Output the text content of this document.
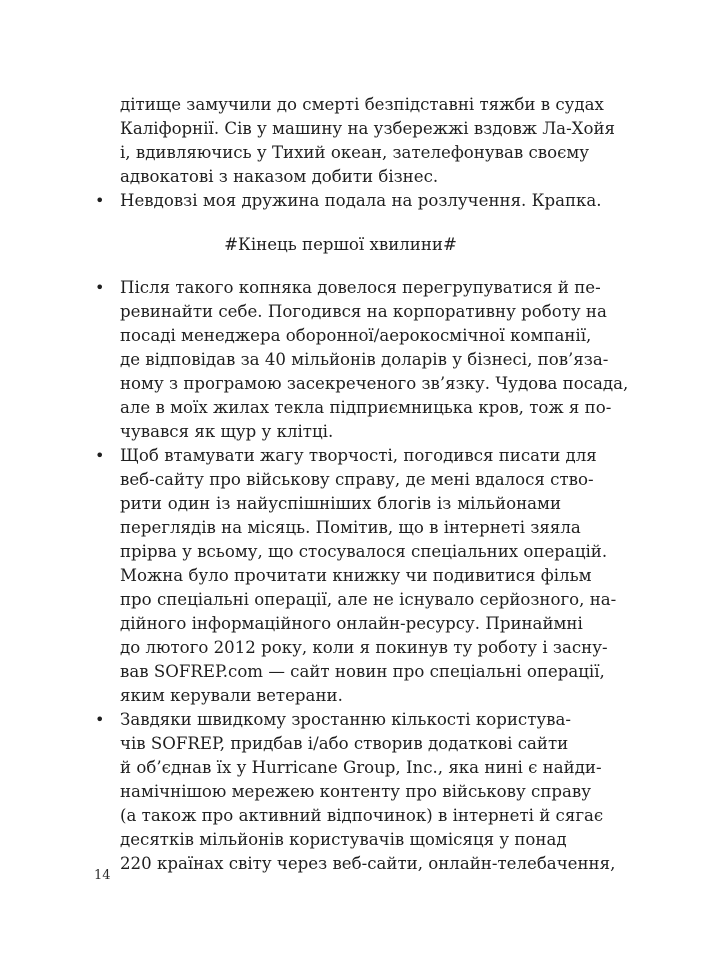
дітище замучили до смерті безпідставні тяжби в судах
Каліфорнії. Сів у машину на узбережжі вздовж Ла-Хойя
і, вдивляючись у Тихий океан, зателефонував своєму
адвокатові з наказом добити бізнес.
• Невдовзі моя дружина подала на розлучення. Крапка.
#Кінець першої хвилини#
• Після такого копняка довелося перегрупуватися й пе-
ревинайти себе. Погодився на корпоративну роботу на
посаді менеджера оборонної/аерокосмічної компанії,
де відповідав за 40 мільйонів доларів у бізнесі, пов’яза-
ному з програмою засекреченого зв’язку. Чудова посада,
але в моїх жилах текла підприємницька кров, тож я по-
чувався як щур у клітці.
• Щоб втамувати жагу творчості, погодився писати для
веб-сайту про військову справу, де мені вдалося ство-
рити один із найуспішніших блогів із мільйонами
переглядів на місяць. Помітив, що в інтернеті зяяла
прірва у всьому, що стосувалося спеціальних операцій.
Можна було прочитати книжку чи подивитися фільм
про спеціальні операції, але не існувало серйозного, на-
дійного інформаційного онлайн-ресурсу. Принаймні
до лютого 2012 року, коли я покинув ту роботу і засну-
вав SOFREP.com — сайт новин про спеціальні операції,
яким керували ветерани.
• Завдяки швидкому зростанню кількості користува-
чів SOFREP, придбав і/або створив додаткові сайти
й об’єднав їх у Hurricane Group, Inc., яка нині є найди-
намічнішою мережею контенту про військову справу
(а також про активний відпочинок) в інтернеті й сягає
десятків мільйонів користувачів щомісяця у понад
220 країнах світу через веб-сайти, онлайн-телебачення,
14
